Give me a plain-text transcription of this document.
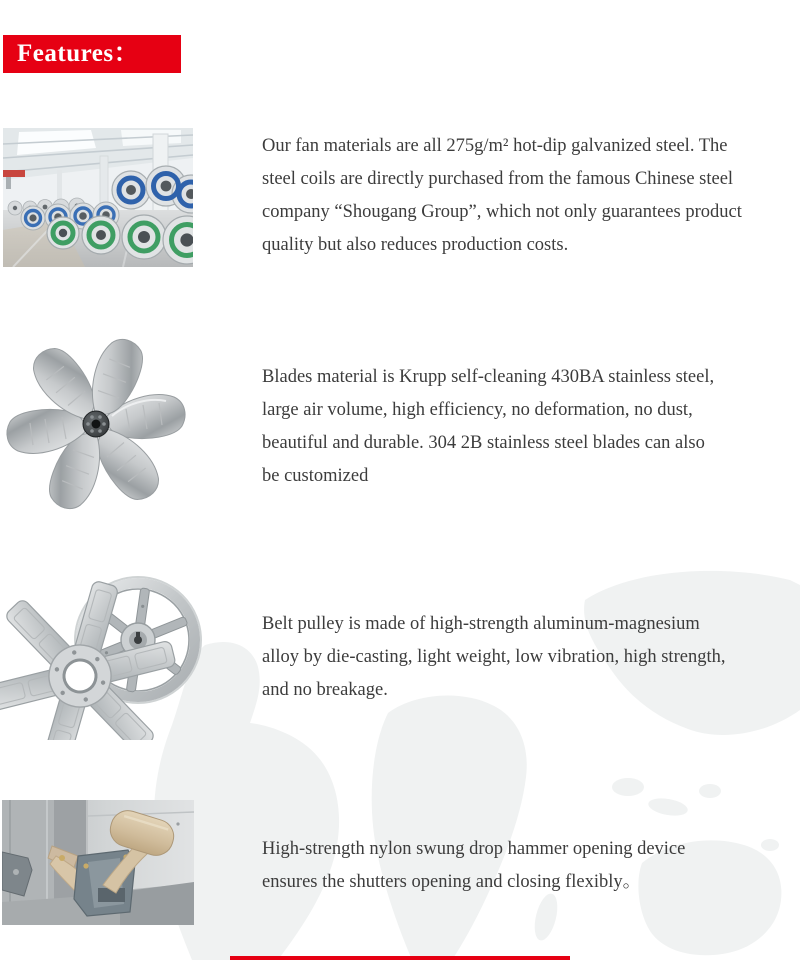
Features：
Our fan materials are all 275g/m² hot-dip galvanized steel. The
steel coils are directly purchased from the famous Chinese steel
company “Shougang Group”, which not only guarantees product
quality but also reduces production costs.
Blades material is Krupp self-cleaning 430BA stainless steel,
large air volume, high efficiency, no deformation, no dust,
beautiful and durable. 304 2B stainless steel blades can also
be customized
Belt pulley is made of high-strength aluminum-magnesium
alloy by die-casting, light weight, low vibration, high strength,
and no breakage.
High-strength nylon swung drop hammer opening device
ensures the shutters opening and closing flexibly。
